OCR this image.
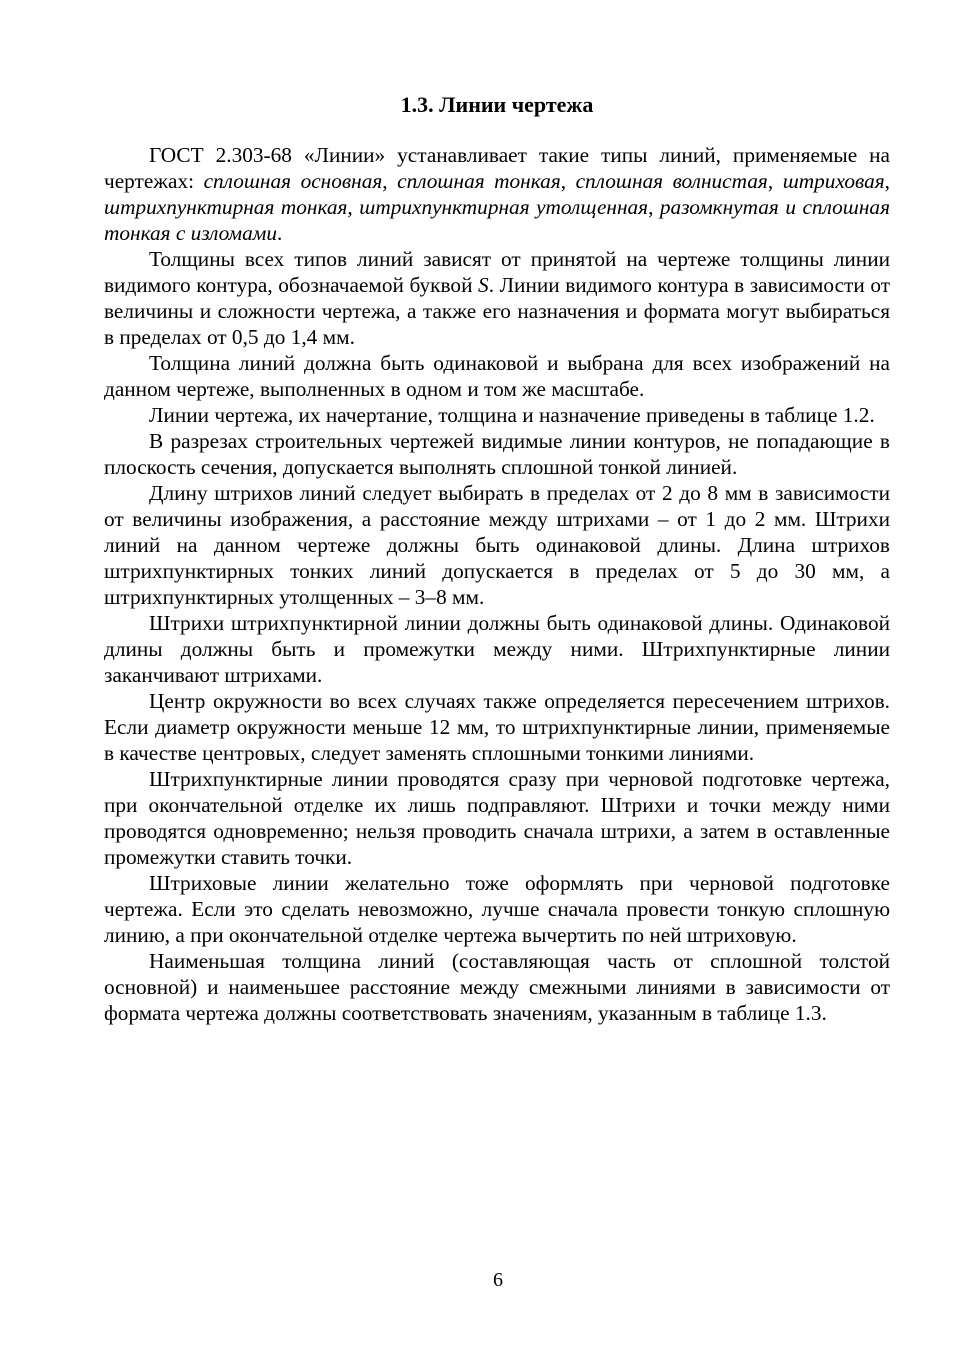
1.3. Линии чертежа

ГОСТ 2.303-68 «Линии» устанавливает такие типы линий, применяемые на чертежах: сплошная основная, сплошная тонкая, сплошная волнистая, штриховая, штрихпунктирная тонкая, штрихпунктирная утолщенная, разомкнутая и сплошная тонкая с изломами.

Толщины всех типов линий зависят от принятой на чертеже толщины линии видимого контура, обозначаемой буквой S. Линии видимого контура в зависимости от величины и сложности чертежа, а также его назначения и формата могут выбираться в пределах от 0,5 до 1,4 мм.

Толщина линий должна быть одинаковой и выбрана для всех изображений на данном чертеже, выполненных в одном и том же масштабе.

Линии чертежа, их начертание, толщина и назначение приведены в таблице 1.2.

В разрезах строительных чертежей видимые линии контуров, не попадающие в плоскость сечения, допускается выполнять сплошной тонкой линией.

Длину штрихов линий следует выбирать в пределах от 2 до 8 мм в зависимости от величины изображения, а расстояние между штрихами – от 1 до 2 мм. Штрихи линий на данном чертеже должны быть одинаковой длины. Длина штрихов штрихпунктирных тонких линий допускается в пределах от 5 до 30 мм, а штрихпунктирных утолщенных – 3–8 мм.

Штрихи штрихпунктирной линии должны быть одинаковой длины. Одинаковой длины должны быть и промежутки между ними. Штрихпунктирные линии заканчивают штрихами.

Центр окружности во всех случаях также определяется пересечением штрихов. Если диаметр окружности меньше 12 мм, то штрихпунктирные линии, применяемые в качестве центровых, следует заменять сплошными тонкими линиями.

Штрихпунктирные линии проводятся сразу при черновой подготовке чертежа, при окончательной отделке их лишь подправляют. Штрихи и точки между ними проводятся одновременно; нельзя проводить сначала штрихи, а затем в оставленные промежутки ставить точки.

Штриховые линии желательно тоже оформлять при черновой подготовке чертежа. Если это сделать невозможно, лучше сначала провести тонкую сплошную линию, а при окончательной отделке чертежа вычертить по ней штриховую.

Наименьшая толщина линий (составляющая часть от сплошной толстой основной) и наименьшее расстояние между смежными линиями в зависимости от формата чертежа должны соответствовать значениям, указанным в таблице 1.3.

6
